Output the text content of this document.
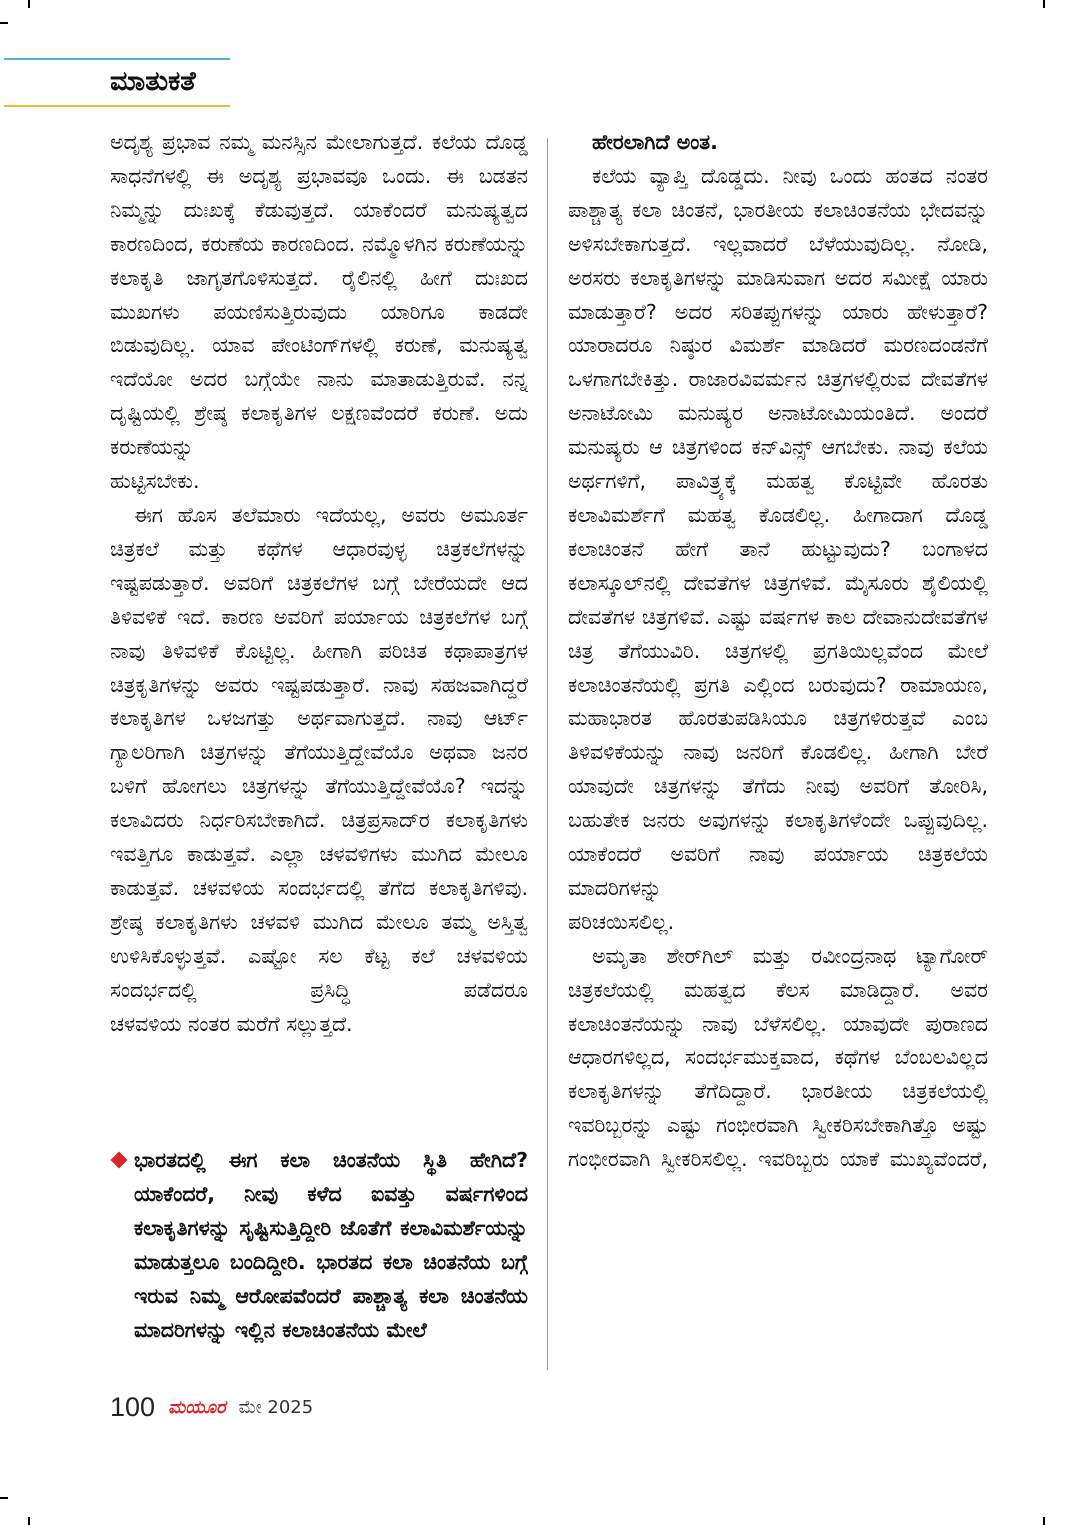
ಮಾತುಕತೆ

ಅದೃಶ್ಯ ಪ್ರಭಾವ ನಮ್ಮ ಮನಸ್ಸಿನ ಮೇಲಾಗುತ್ತದೆ. ಕಲೆಯ ದೊಡ್ಡ ಸಾಧನೆಗಳಲ್ಲಿ ಈ ಅದೃಶ್ಯ ಪ್ರಭಾವವೂ ಒಂದು. ಈ ಬಡತನ ನಿಮ್ಮನ್ನು ದುಃಖಕ್ಕೆ ಕೆಡುವುತ್ತದೆ. ಯಾಕೆಂದರೆ ಮನುಷ್ಯತ್ವದ ಕಾರಣದಿಂದ, ಕರುಣೆಯ ಕಾರಣದಿಂದ. ನಮ್ಮೊಳಗಿನ ಕರುಣೆಯನ್ನು ಕಲಾಕೃತಿ ಜಾಗೃತಗೊಳಿಸುತ್ತದೆ. ರೈಲಿನಲ್ಲಿ ಹೀಗೆ ದುಃಖದ ಮುಖಗಳು ಪಯಣಿಸುತ್ತಿರುವುದು ಯಾರಿಗೂ ಕಾಡದೇ ಬಿಡುವುದಿಲ್ಲ. ಯಾವ ಪೇಂಟಿಂಗ್‌ಗಳಲ್ಲಿ ಕರುಣೆ, ಮನುಷ್ಯತ್ವ ಇದೆಯೋ ಅದರ ಬಗ್ಗೆಯೇ ನಾನು ಮಾತಾಡುತ್ತಿರುವೆ. ನನ್ನ ದೃಷ್ಟಿಯಲ್ಲಿ ಶ್ರೇಷ್ಠ ಕಲಾಕೃತಿಗಳ ಲಕ್ಷಣವೆಂದರೆ ಕರುಣೆ. ಅದು ಕರುಣೆಯನ್ನು
ಹುಟ್ಟಿಸಬೇಕು.

ಈಗ ಹೊಸ ತಲೆಮಾರು ಇದೆಯಲ್ಲ, ಅವರು ಅಮೂರ್ತ ಚಿತ್ರಕಲೆ ಮತ್ತು ಕಥೆಗಳ ಆಧಾರವುಳ್ಳ ಚಿತ್ರಕಲೆಗಳನ್ನು ಇಷ್ಟಪಡುತ್ತಾರೆ. ಅವರಿಗೆ ಚಿತ್ರಕಲೆಗಳ ಬಗ್ಗೆ ಬೇರೆಯದೇ ಆದ ತಿಳಿವಳಿಕೆ ಇದೆ. ಕಾರಣ ಅವರಿಗೆ ಪರ್ಯಾಯ ಚಿತ್ರಕಲೆಗಳ ಬಗ್ಗೆ ನಾವು ತಿಳಿವಳಿಕೆ ಕೊಟ್ಟಿಲ್ಲ. ಹೀಗಾಗಿ ಪರಿಚಿತ ಕಥಾಪಾತ್ರಗಳ ಚಿತ್ರಕೃತಿಗಳನ್ನು ಅವರು ಇಷ್ಟಪಡುತ್ತಾರೆ. ನಾವು ಸಹಜವಾಗಿದ್ದರೆ ಕಲಾಕೃತಿಗಳ ಒಳಜಗತ್ತು ಅರ್ಥವಾಗುತ್ತದೆ. ನಾವು ಆರ್ಟ್ ಗ್ಯಾಲರಿಗಾಗಿ ಚಿತ್ರಗಳನ್ನು ತೆಗೆಯುತ್ತಿದ್ದೇವೆಯೊ ಅಥವಾ ಜನರ ಬಳಿಗೆ ಹೋಗಲು ಚಿತ್ರಗಳನ್ನು ತೆಗೆಯುತ್ತಿದ್ದೇವೆಯೊ? ಇದನ್ನು ಕಲಾವಿದರು ನಿರ್ಧರಿಸಬೇಕಾಗಿದೆ. ಚಿತ್ರಪ್ರಸಾದ್‌ರ ಕಲಾಕೃತಿಗಳು ಇವತ್ತಿಗೂ ಕಾಡುತ್ತವೆ. ಎಲ್ಲಾ ಚಳವಳಿಗಳು ಮುಗಿದ ಮೇಲೂ ಕಾಡುತ್ತವೆ. ಚಳವಳಿಯ ಸಂದರ್ಭದಲ್ಲಿ ತೆಗೆದ ಕಲಾಕೃತಿಗಳಿವು. ಶ್ರೇಷ್ಠ ಕಲಾಕೃತಿಗಳು ಚಳವಳಿ ಮುಗಿದ ಮೇಲೂ ತಮ್ಮ ಅಸ್ತಿತ್ವ ಉಳಿಸಿಕೊಳ್ಳುತ್ತವೆ. ಎಷ್ಟೋ ಸಲ ಕೆಟ್ಟ ಕಲೆ ಚಳವಳಿಯ ಸಂದರ್ಭದಲ್ಲಿ ಪ್ರಸಿದ್ಧಿ ಪಡೆದರೂ
ಚಳವಳಿಯ ನಂತರ ಮರೆಗೆ ಸಲ್ಲುತ್ತದೆ.

ಭಾರತದಲ್ಲಿ ಈಗ ಕಲಾ ಚಿಂತನೆಯ ಸ್ಥಿತಿ ಹೇಗಿದೆ? ಯಾಕೆಂದರೆ, ನೀವು ಕಳೆದ ಐವತ್ತು ವರ್ಷಗಳಿಂದ ಕಲಾಕೃತಿಗಳನ್ನು ಸೃಷ್ಟಿಸುತ್ತಿದ್ದೀರಿ ಜೊತೆಗೆ ಕಲಾವಿಮರ್ಶೆಯನ್ನು ಮಾಡುತ್ತಲೂ ಬಂದಿದ್ದೀರಿ. ಭಾರತದ ಕಲಾ ಚಿಂತನೆಯ ಬಗ್ಗೆ ಇರುವ ನಿಮ್ಮ ಆರೋಪವೆಂದರೆ ಪಾಶ್ಚಾತ್ಯ ಕಲಾ ಚಿಂತನೆಯ ಮಾದರಿಗಳನ್ನು ಇಲ್ಲಿನ ಕಲಾಚಿಂತನೆಯ ಮೇಲೆ

ಹೇರಲಾಗಿದೆ ಅಂತ.

ಕಲೆಯ ವ್ಯಾಪ್ತಿ ದೊಡ್ಡದು. ನೀವು ಒಂದು ಹಂತದ ನಂತರ ಪಾಶ್ಚಾತ್ಯ ಕಲಾ ಚಿಂತನೆ, ಭಾರತೀಯ ಕಲಾಚಿಂತನೆಯ ಭೇದವನ್ನು ಅಳಿಸಬೇಕಾಗುತ್ತದೆ. ಇಲ್ಲವಾದರೆ ಬೆಳೆಯುವುದಿಲ್ಲ. ನೋಡಿ, ಅರಸರು ಕಲಾಕೃತಿಗಳನ್ನು ಮಾಡಿಸುವಾಗ ಅದರ ಸಮೀಕ್ಷೆ ಯಾರು ಮಾಡುತ್ತಾರೆ? ಅದರ ಸರಿತಪ್ಪುಗಳನ್ನು ಯಾರು ಹೇಳುತ್ತಾರೆ? ಯಾರಾದರೂ ನಿಷ್ಠುರ ವಿಮರ್ಶೆ ಮಾಡಿದರೆ ಮರಣದಂಡನೆಗೆ ಒಳಗಾಗಬೇಕಿತ್ತು. ರಾಜಾರವಿವರ್ಮನ ಚಿತ್ರಗಳಲ್ಲಿರುವ ದೇವತೆಗಳ ಅನಾಟೋಮಿ ಮನುಷ್ಯರ ಅನಾಟೋಮಿಯಂತಿದೆ. ಅಂದರೆ ಮನುಷ್ಯರು ಆ ಚಿತ್ರಗಳಿಂದ ಕನ್‌ವಿನ್ಸ್ ಆಗಬೇಕು. ನಾವು ಕಲೆಯ ಅರ್ಥಗಳಿಗೆ, ಪಾವಿತ್ರ್ಯಕ್ಕೆ ಮಹತ್ವ ಕೊಟ್ಟಿವೇ ಹೊರತು ಕಲಾವಿಮರ್ಶೆಗೆ ಮಹತ್ವ ಕೊಡಲಿಲ್ಲ. ಹೀಗಾದಾಗ ದೊಡ್ಡ ಕಲಾಚಿಂತನೆ ಹೇಗೆ ತಾನೆ ಹುಟ್ಟುವುದು? ಬಂಗಾಳದ ಕಲಾಸ್ಕೂಲ್‌ನಲ್ಲಿ ದೇವತೆಗಳ ಚಿತ್ರಗಳಿವೆ. ಮೈಸೂರು ಶೈಲಿಯಲ್ಲಿ ದೇವತೆಗಳ ಚಿತ್ರಗಳಿವೆ. ಎಷ್ಟು ವರ್ಷಗಳ ಕಾಲ ದೇವಾನುದೇವತೆಗಳ ಚಿತ್ರ ತೆಗೆಯುವಿರಿ. ಚಿತ್ರಗಳಲ್ಲಿ ಪ್ರಗತಿಯಿಲ್ಲವೆಂದ ಮೇಲೆ ಕಲಾಚಿಂತನೆಯಲ್ಲಿ ಪ್ರಗತಿ ಎಲ್ಲಿಂದ ಬರುವುದು? ರಾಮಾಯಣ, ಮಹಾಭಾರತ ಹೊರತುಪಡಿಸಿಯೂ ಚಿತ್ರಗಳಿರುತ್ತವೆ ಎಂಬ ತಿಳಿವಳಿಕೆಯನ್ನು ನಾವು ಜನರಿಗೆ ಕೊಡಲಿಲ್ಲ. ಹೀಗಾಗಿ ಬೇರೆ ಯಾವುದೇ ಚಿತ್ರಗಳನ್ನು ತೆಗೆದು ನೀವು ಅವರಿಗೆ ತೋರಿಸಿ, ಬಹುತೇಕ ಜನರು ಅವುಗಳನ್ನು ಕಲಾಕೃತಿಗಳೆಂದೇ ಒಪ್ಪುವುದಿಲ್ಲ. ಯಾಕೆಂದರೆ ಅವರಿಗೆ ನಾವು ಪರ್ಯಾಯ ಚಿತ್ರಕಲೆಯ ಮಾದರಿಗಳನ್ನು
ಪರಿಚಯಿಸಲಿಲ್ಲ.

ಅಮೃತಾ ಶೇರ್‌ಗಿಲ್ ಮತ್ತು ರವೀಂದ್ರನಾಥ ಟ್ಯಾಗೋರ್ ಚಿತ್ರಕಲೆಯಲ್ಲಿ ಮಹತ್ವದ ಕೆಲಸ ಮಾಡಿದ್ದಾರೆ. ಅವರ ಕಲಾಚಿಂತನೆಯನ್ನು ನಾವು ಬೆಳೆಸಲಿಲ್ಲ. ಯಾವುದೇ ಪುರಾಣದ ಆಧಾರಗಳಿಲ್ಲದ, ಸಂದರ್ಭಮುಕ್ತವಾದ, ಕಥೆಗಳ ಬೆಂಬಲವಿಲ್ಲದ ಕಲಾಕೃತಿಗಳನ್ನು ತೆಗೆದಿದ್ದಾರೆ. ಭಾರತೀಯ ಚಿತ್ರಕಲೆಯಲ್ಲಿ ಇವರಿಬ್ಬರನ್ನು ಎಷ್ಟು ಗಂಭೀರವಾಗಿ ಸ್ವೀಕರಿಸಬೇಕಾಗಿತ್ತೊ ಅಷ್ಟು ಗಂಭೀರವಾಗಿ ಸ್ವೀಕರಿಸಲಿಲ್ಲ. ಇವರಿಬ್ಬರು ಯಾಕೆ ಮುಖ್ಯವೆಂದರೆ,

100 ಮಯೂರ ಮೇ 2025
